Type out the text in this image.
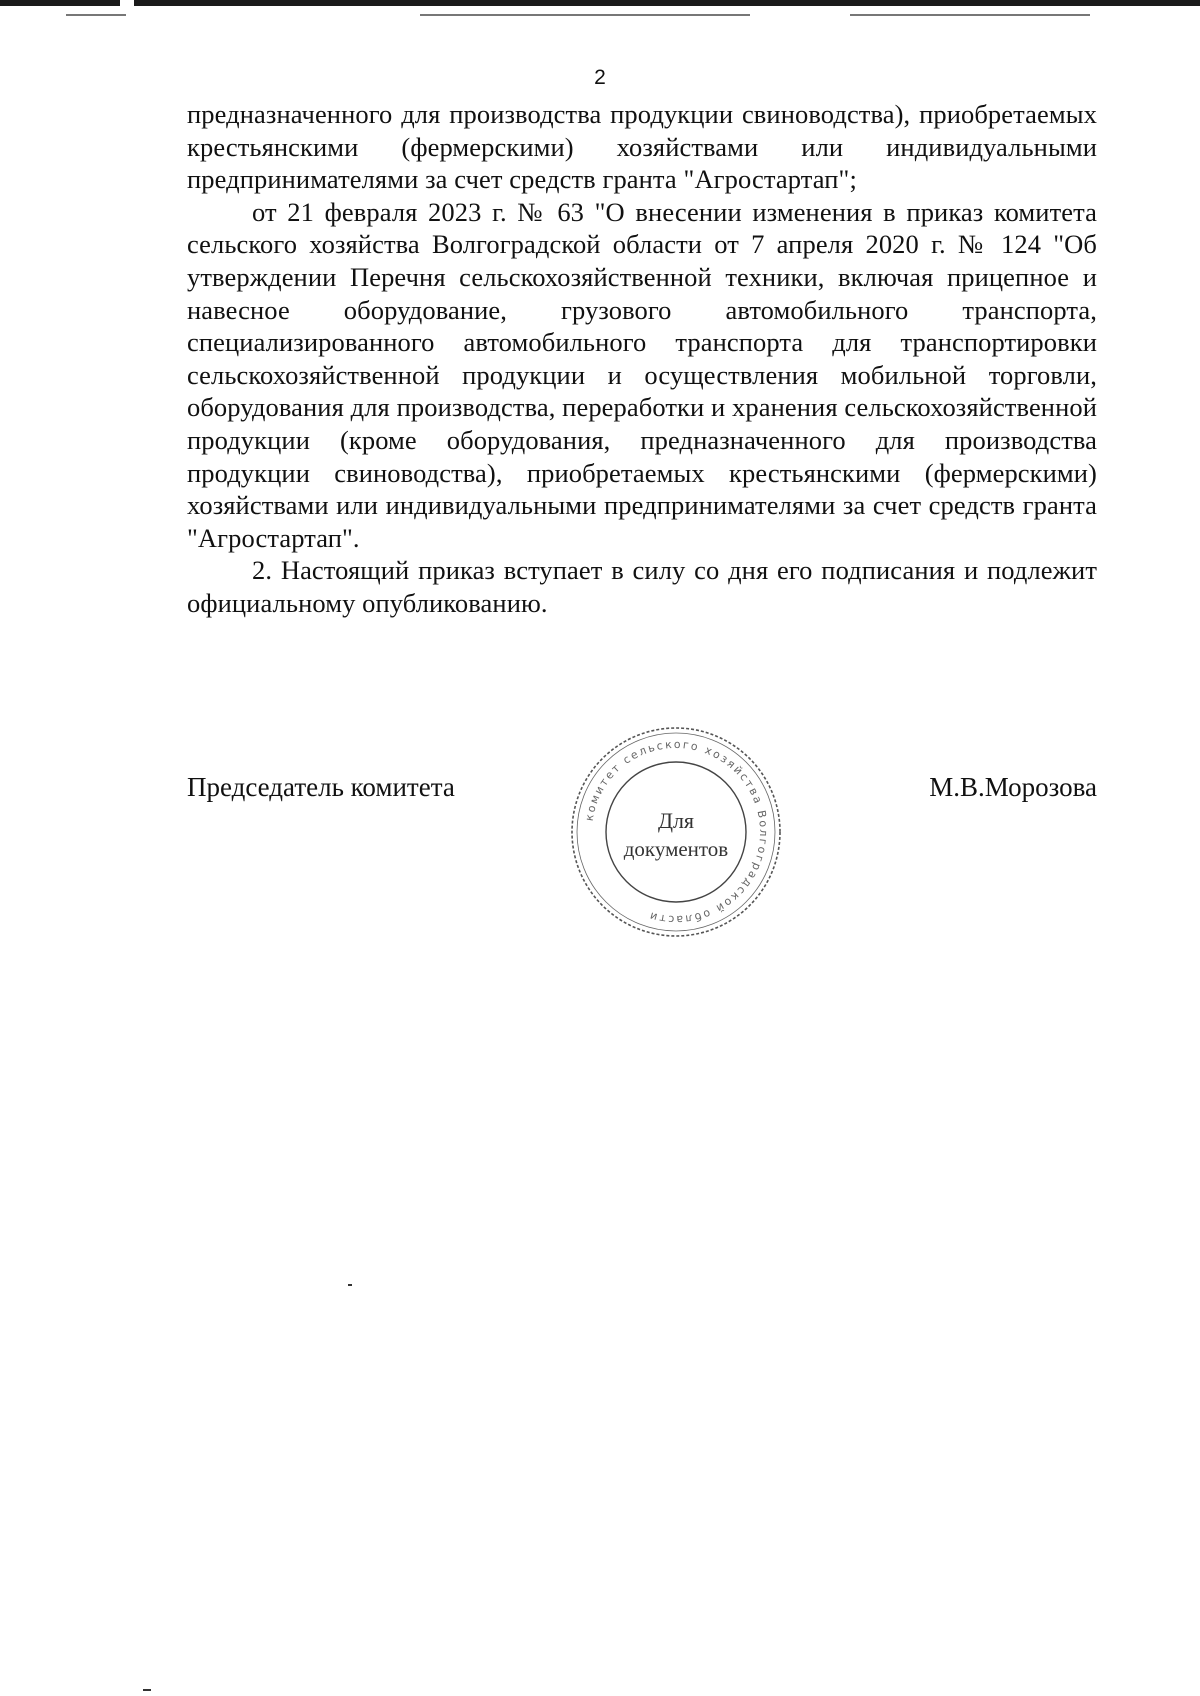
2

предназначенного для производства продукции свиноводства), приобретаемых крестьянскими (фермерскими) хозяйствами или индивидуальными предпринимателями за счет средств гранта "Агростартап";

от 21 февраля 2023 г. № 63 "О внесении изменения в приказ комитета сельского хозяйства Волгоградской области от 7 апреля 2020 г. № 124 "Об утверждении Перечня сельскохозяйственной техники, включая прицепное и навесное оборудование, грузового автомобильного транспорта, специализированного автомобильного транспорта для транспортировки сельскохозяйственной продукции и осуществления мобильной торговли, оборудования для производства, переработки и хранения сельскохозяйственной продукции (кроме оборудования, предназначенного для производства продукции свиноводства), приобретаемых крестьянскими (фермерскими) хозяйствами или индивидуальными предпринимателями за счет средств гранта "Агростартап".

2. Настоящий приказ вступает в силу со дня его подписания и подлежит официальному опубликованию.

Председатель комитета	М.В.Морозова
комитет сельского хозяйства Волгоградской области
Для
документов
